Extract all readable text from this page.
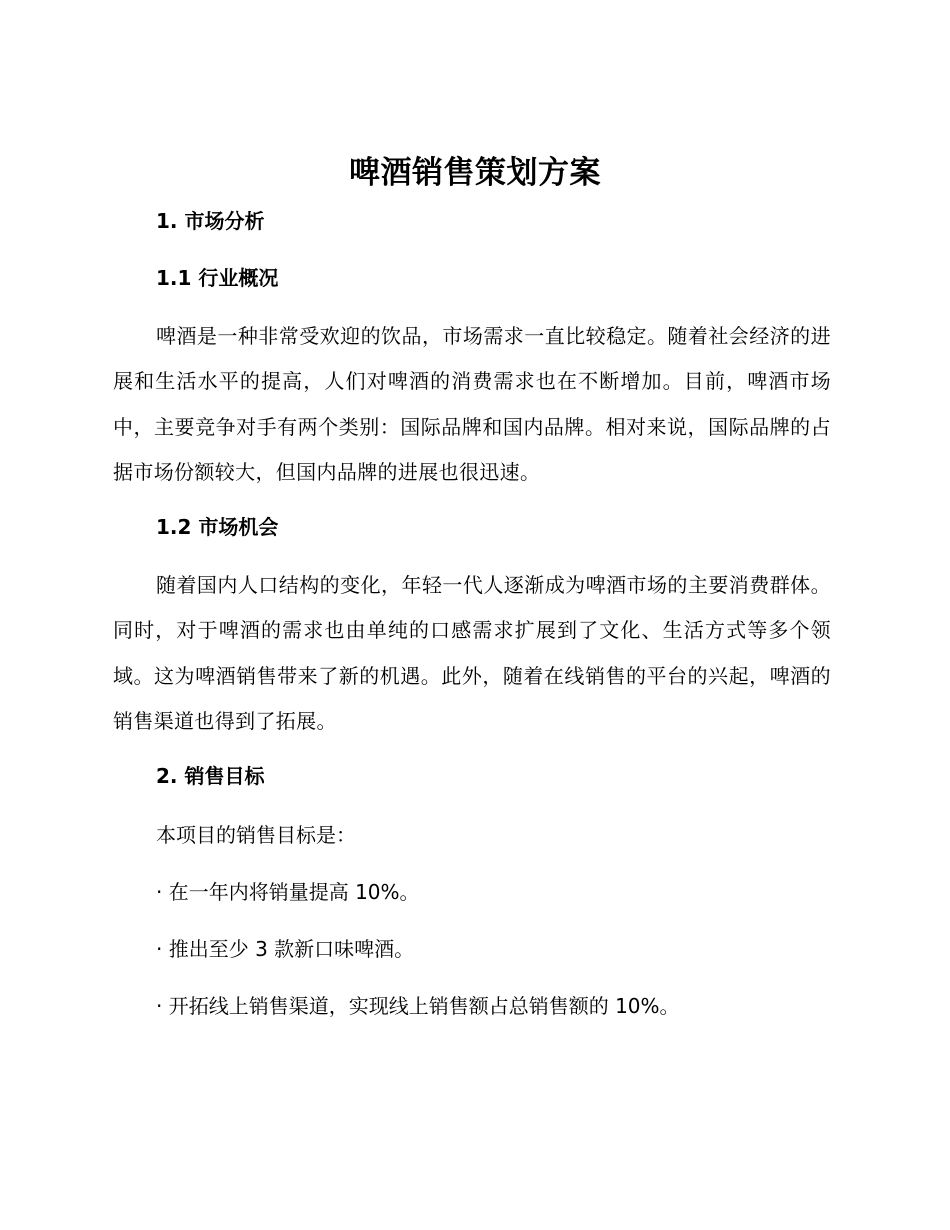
啤酒销售策划方案
1. 市场分析
1.1 行业概况

啤酒是一种非常受欢迎的饮品，市场需求一直比较稳定。随着社会经济的进展和生活水平的提高，人们对啤酒的消费需求也在不断增加。目前，啤酒市场中，主要竞争对手有两个类别：国际品牌和国内品牌。相对来说，国际品牌的占据市场份额较大，但国内品牌的进展也很迅速。

1.2 市场机会

随着国内人口结构的变化，年轻一代人逐渐成为啤酒市场的主要消费群体。同时，对于啤酒的需求也由单纯的口感需求扩展到了文化、生活方式等多个领域。这为啤酒销售带来了新的机遇。此外，随着在线销售的平台的兴起，啤酒的销售渠道也得到了拓展。

2. 销售目标

本项目的销售目标是：

· 在一年内将销量提高 10%。

· 推出至少 3 款新口味啤酒。

· 开拓线上销售渠道，实现线上销售额占总销售额的 10%。
